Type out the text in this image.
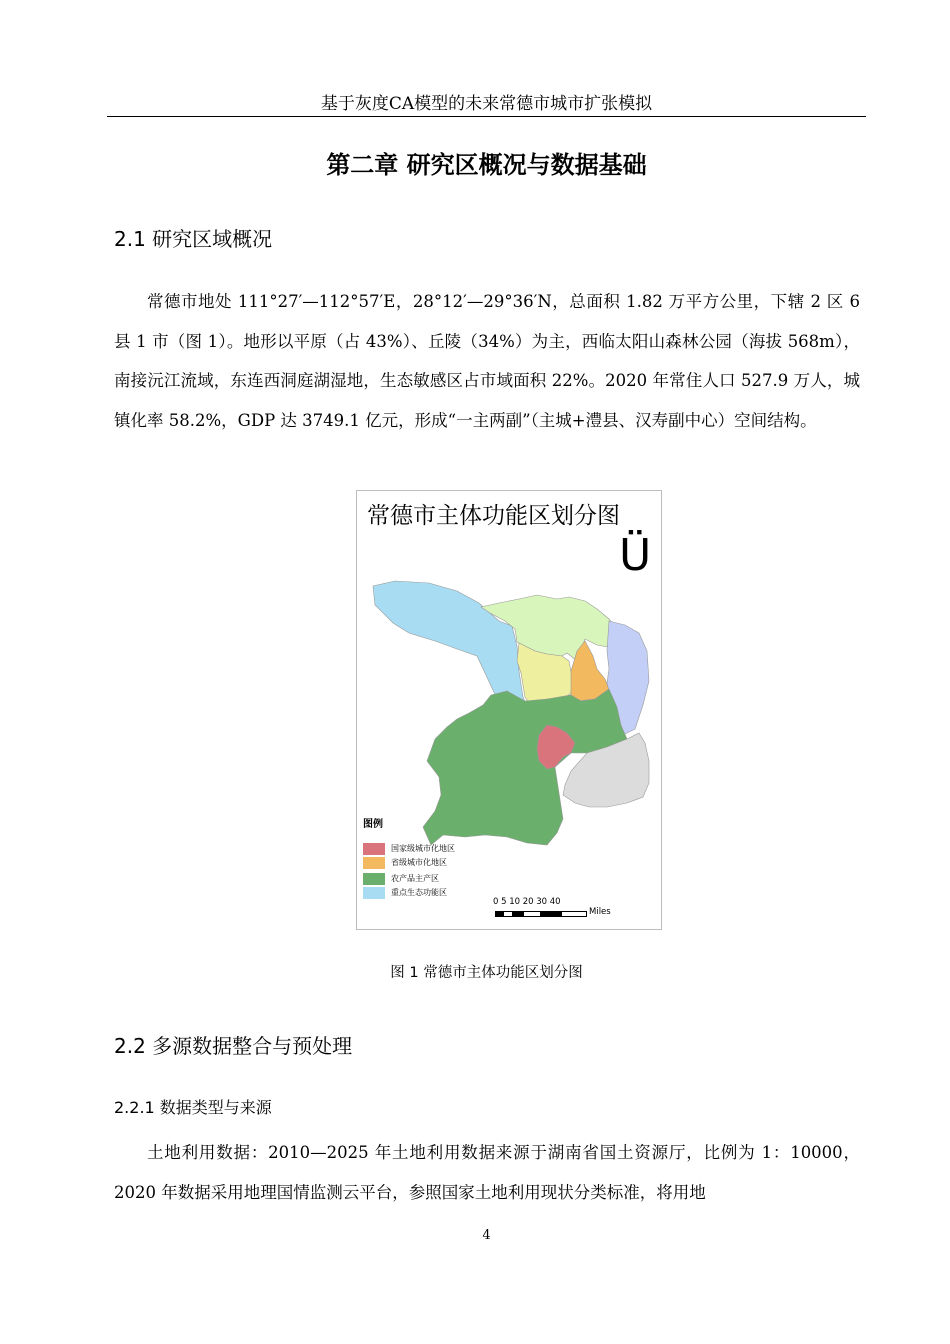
基于灰度CA模型的未来常德市城市扩张模拟
第二章 研究区概况与数据基础
2.1 研究区域概况

常德市地处 111°27′—112°57′E，28°12′—29°36′N，总面积 1.82 万平方公里，下辖 2 区 6 县 1 市（图 1）。地形以平原（占 43%）、丘陵（34%）为主，西临太阳山森林公园（海拔 568m），南接沅江流域，东连西洞庭湖湿地，生态敏感区占市域面积 22%。2020 年常住人口 527.9 万人，城镇化率 58.2%，GDP 达 3749.1 亿元，形成“一主两副”（主城+澧县、汉寿副中心）空间结构。

常德市主体功能区划分图
Ü
图例
国家级城市化地区
省级城市化地区
农产品主产区
重点生态功能区
0 5 10 20 30 40
Miles
图 1 常德市主体功能区划分图
2.2 多源数据整合与预处理
2.2.1 数据类型与来源

土地利用数据：2010—2025 年土地利用数据来源于湖南省国土资源厅，比例为 1：10000，2020 年数据采用地理国情监测云平台，参照国家土地利用现状分类标准，将用地

4
